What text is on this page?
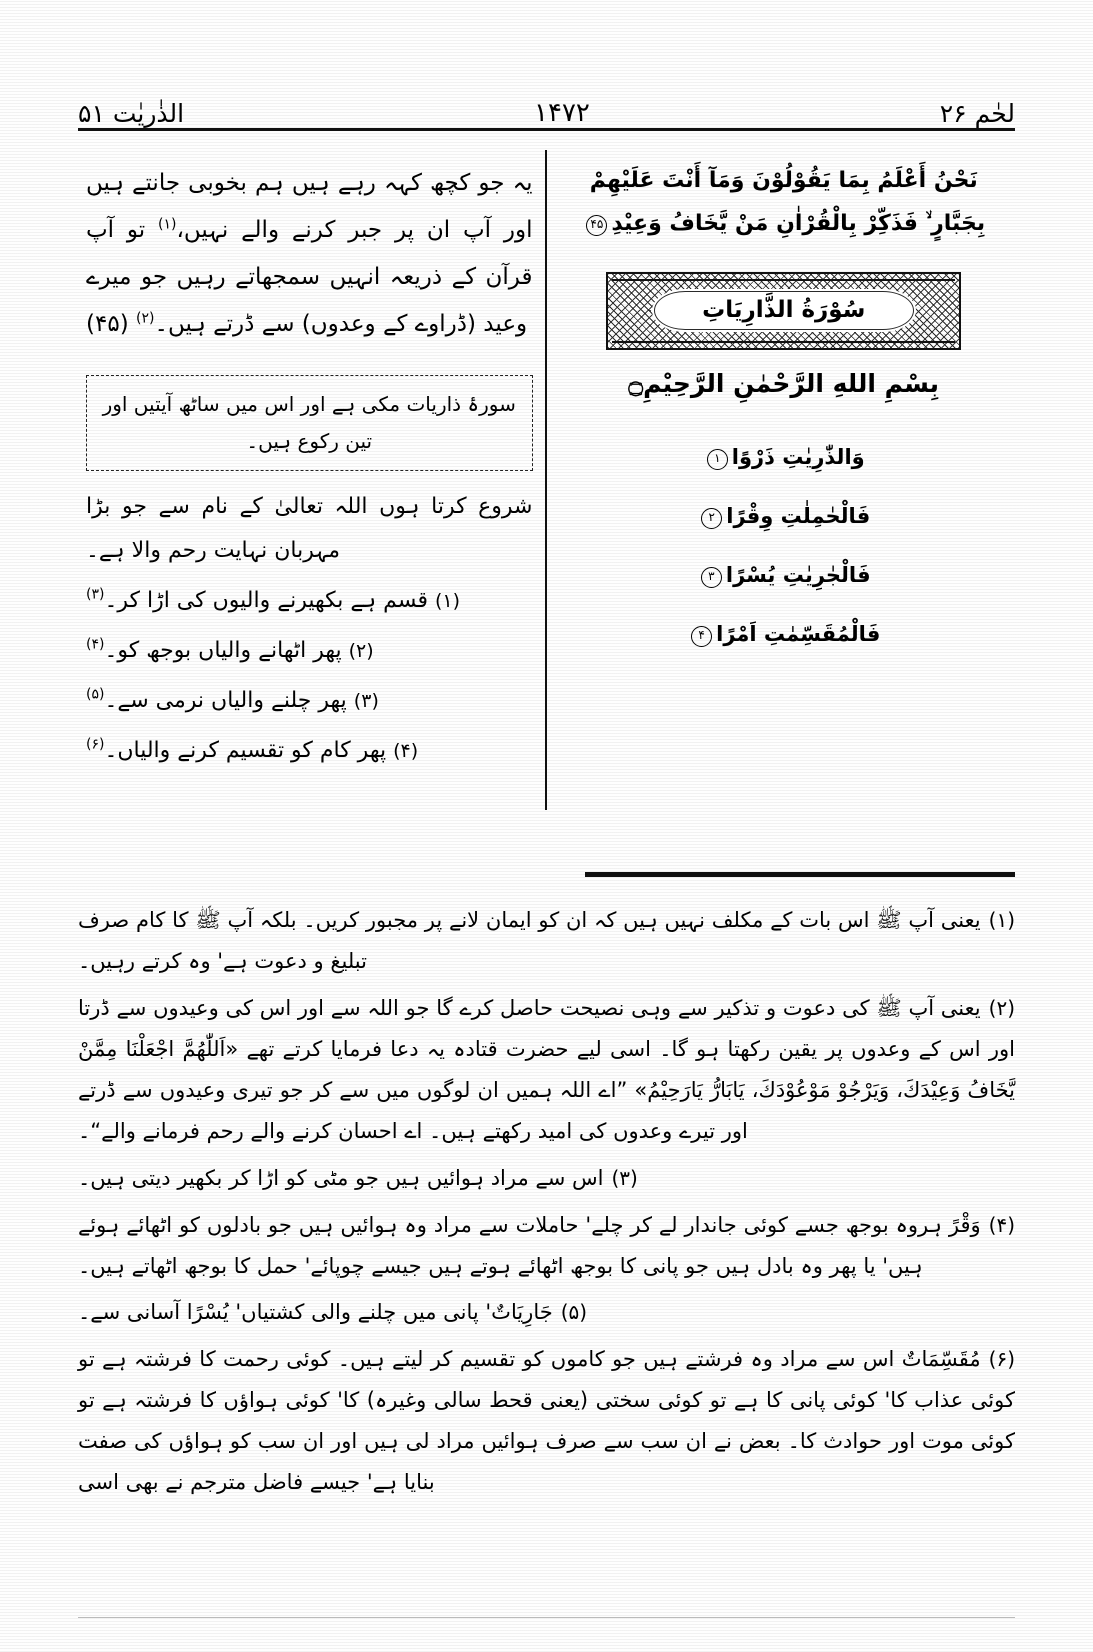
لحٰم ۲۶
۱۴۷۲
الذٰریٰت ۵۱
نَحْنُ أَعْلَمُ بِمَا يَقُوْلُوْنَ وَمَآ أَنْتَ عَلَيْهِمْ بِجَبَّارٍ ۙ فَذَكِّرْ بِالْقُرْاٰنِ مَنْ يَّخَافُ وَعِيْدِ۴۵
سُوْرَةُ الذَّارِيَاتِ
بِسْمِ اللهِ الرَّحْمٰنِ الرَّحِيْمِ۝
وَالذّٰرِيٰتِ ذَرْوًا۱
فَالْحٰمِلٰتِ وِقْرًا۲
فَالْجٰرِيٰتِ يُسْرًا۳
فَالْمُقَسِّمٰتِ اَمْرًا۴
یہ جو کچھ کہہ رہے ہیں ہم بخوبی جانتے ہیں اور آپ ان پر جبر کرنے والے نہیں،$^{(۱)}$ تو آپ قرآن کے ذریعہ انہیں سمجھاتے رہیں جو میرے وعید (ڈراوے کے وعدوں) سے ڈرتے ہیں۔$^{(۲)}$ (۴۵)
سورۂ ذاریات مکی ہے اور اس میں ساٹھ آیتیں اور تین رکوع ہیں۔
شروع کرتا ہوں اللہ تعالیٰ کے نام سے جو بڑا مہربان نہایت رحم والا ہے۔
(۱) قسم ہے بکھیرنے والیوں کی اڑا کر۔$^{(۳)}$
(۲) پھر اٹھانے والیاں بوجھ کو۔$^{(۴)}$
(۳) پھر چلنے والیاں نرمی سے۔$^{(۵)}$
(۴) پھر کام کو تقسیم کرنے والیاں۔$^{(۶)}$
(۱)یعنی آپ ﷺ اس بات کے مکلف نہیں ہیں کہ ان کو ایمان لانے پر مجبور کریں۔ بلکہ آپ ﷺ کا کام صرف تبلیغ و دعوت ہے' وہ کرتے رہیں۔
(۲)یعنی آپ ﷺ کی دعوت و تذکیر سے وہی نصیحت حاصل کرے گا جو اللہ سے اور اس کی وعیدوں سے ڈرتا اور اس کے وعدوں پر یقین رکھتا ہو گا۔ اسی لیے حضرت قتادہ یہ دعا فرمایا کرتے تھے «اَللّٰهُمَّ اجْعَلْنَا مِمَّنْ يَّخَافُ وَعِيْدَكَ، وَيَرْجُوْ مَوْعُوْدَكَ، يَابَارُّ يَارَحِيْمُ» ”اے اللہ ہمیں ان لوگوں میں سے کر جو تیری وعیدوں سے ڈرتے اور تیرے وعدوں کی امید رکھتے ہیں۔ اے احسان کرنے والے رحم فرمانے والے“۔
(۳)اس سے مراد ہوائیں ہیں جو مٹی کو اڑا کر بکھیر دیتی ہیں۔
(۴)وَقْرً ہروہ بوجھ جسے کوئی جاندار لے کر چلے' حاملات سے مراد وہ ہوائیں ہیں جو بادلوں کو اٹھائے ہوئے ہیں' یا پھر وہ بادل ہیں جو پانی کا بوجھ اٹھائے ہوتے ہیں جیسے چوپائے' حمل کا بوجھ اٹھاتے ہیں۔
(۵)جَارِيَاتٌ' پانی میں چلنے والی کشتیاں' يُسْرًا آسانی سے۔
(۶)مُقَسِّمَاتٌ اس سے مراد وہ فرشتے ہیں جو کاموں کو تقسیم کر لیتے ہیں۔ کوئی رحمت کا فرشتہ ہے تو کوئی عذاب کا' کوئی پانی کا ہے تو کوئی سختی (یعنی قحط سالی وغیرہ) کا' کوئی ہواؤں کا فرشتہ ہے تو کوئی موت اور حوادث کا۔ بعض نے ان سب سے صرف ہوائیں مراد لی ہیں اور ان سب کو ہواؤں کی صفت بنایا ہے' جیسے فاضل مترجم نے بھی اسی
